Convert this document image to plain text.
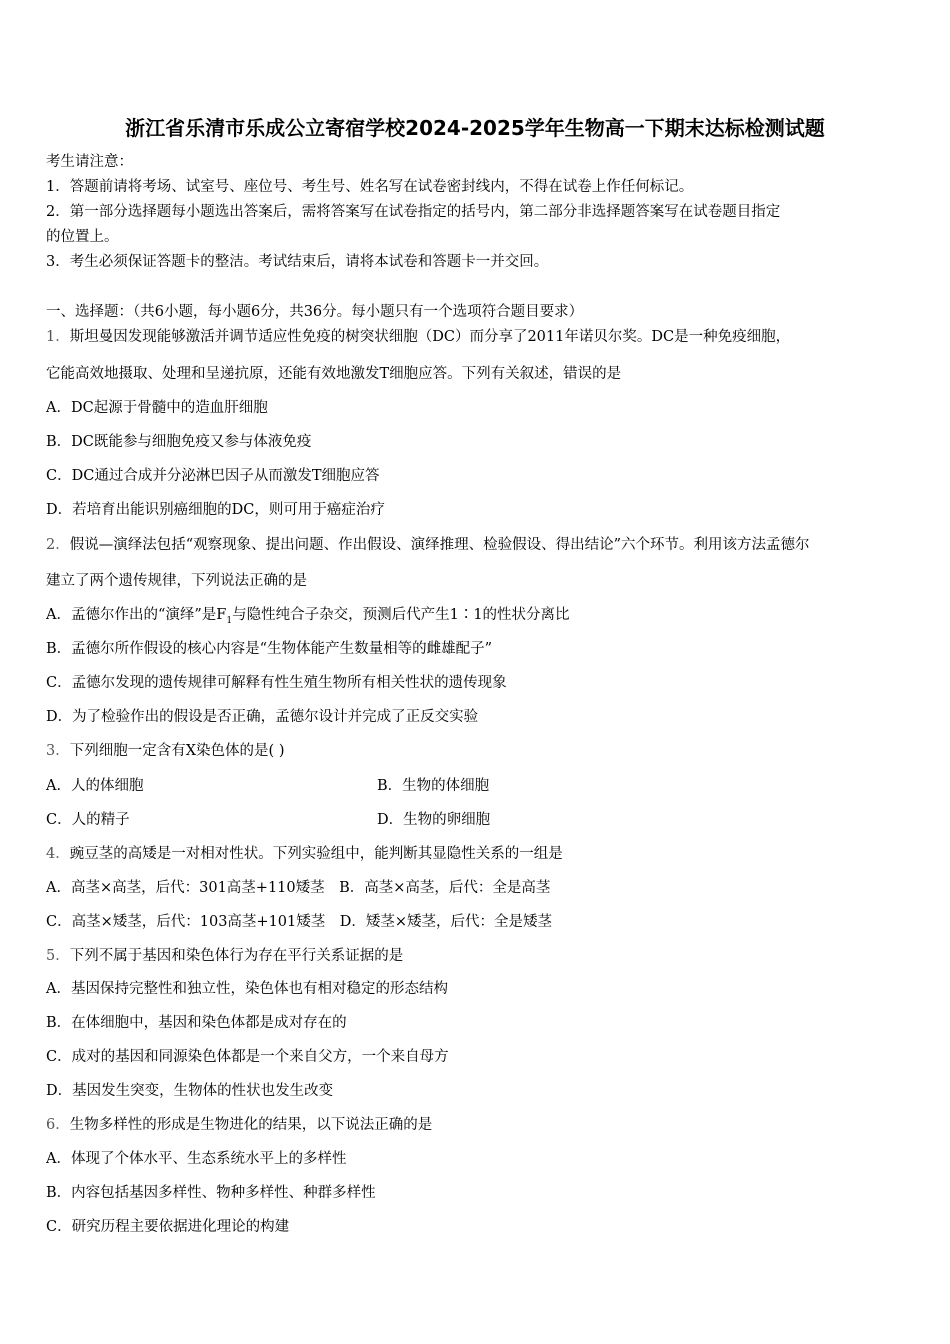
浙江省乐清市乐成公立寄宿学校2024-2025学年生物高一下期末达标检测试题
考生请注意：
1．答题前请将考场、试室号、座位号、考生号、姓名写在试卷密封线内，不得在试卷上作任何标记。
2．第一部分选择题每小题选出答案后，需将答案写在试卷指定的括号内，第二部分非选择题答案写在试卷题目指定
的位置上。
3．考生必须保证答题卡的整洁。考试结束后，请将本试卷和答题卡一并交回。
一、选择题：（共6小题，每小题6分，共36分。每小题只有一个选项符合题目要求）
1．斯坦曼因发现能够激活并调节适应性免疫的树突状细胞（DC）而分享了2011年诺贝尔奖。DC是一种免疫细胞，
它能高效地摄取、处理和呈递抗原，还能有效地激发T细胞应答。下列有关叙述，错误的是
A．DC起源于骨髓中的造血肝细胞
B．DC既能参与细胞免疫又参与体液免疫
C．DC通过合成并分泌淋巴因子从而激发T细胞应答
D．若培育出能识别癌细胞的DC，则可用于癌症治疗
2．假说—演绎法包括“观察现象、提出问题、作出假设、演绎推理、检验假设、得出结论”六个环节。利用该方法孟德尔
建立了两个遗传规律，下列说法正确的是
A．孟德尔作出的“演绎”是$F_1$与隐性纯合子杂交，预测后代产生1∶1的性状分离比
B．孟德尔所作假设的核心内容是“生物体能产生数量相等的雌雄配子”
C．孟德尔发现的遗传规律可解释有性生殖生物所有相关性状的遗传现象
D．为了检验作出的假设是否正确，孟德尔设计并完成了正反交实验
3．下列细胞一定含有X染色体的是( )
A．人的体细胞	B．生物的体细胞
C．人的精子	D．生物的卵细胞
4．豌豆茎的高矮是一对相对性状。下列实验组中，能判断其显隐性关系的一组是
A．高茎×高茎，后代：301高茎+110矮茎　B．高茎×高茎，后代：全是高茎
C．高茎×矮茎，后代：103高茎+101矮茎　D．矮茎×矮茎，后代：全是矮茎
5．下列不属于基因和染色体行为存在平行关系证据的是
A．基因保持完整性和独立性，染色体也有相对稳定的形态结构
B．在体细胞中，基因和染色体都是成对存在的
C．成对的基因和同源染色体都是一个来自父方，一个来自母方
D．基因发生突变，生物体的性状也发生改变
6．生物多样性的形成是生物进化的结果，以下说法正确的是
A．体现了个体水平、生态系统水平上的多样性
B．内容包括基因多样性、物种多样性、种群多样性
C．研究历程主要依据进化理论的构建
